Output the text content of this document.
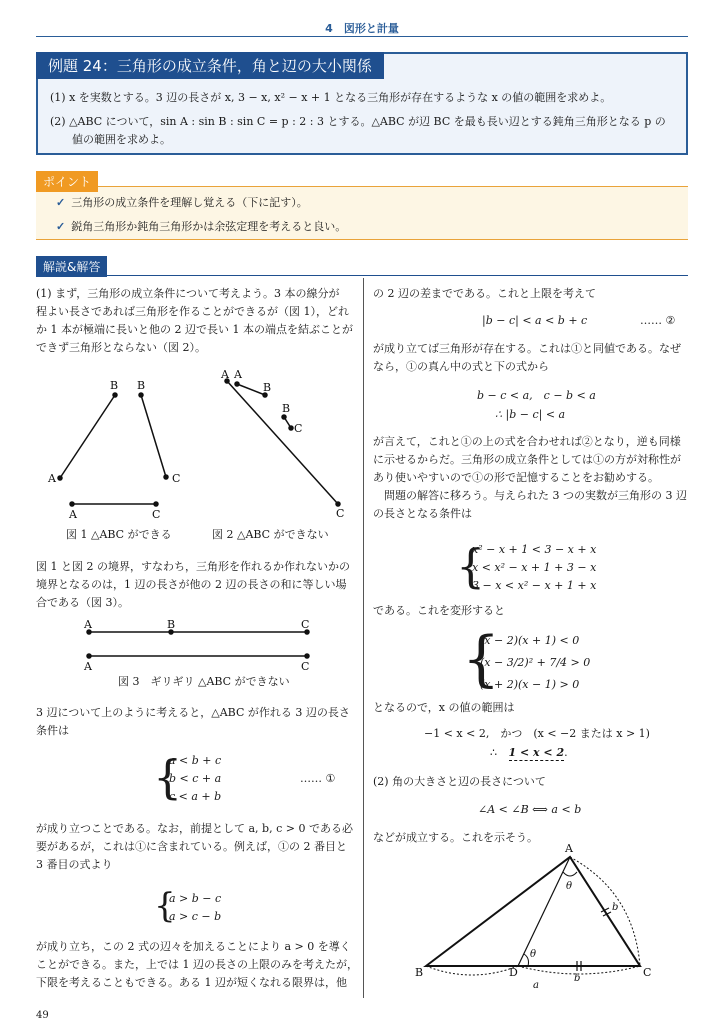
4　図形と計量
例題 24：三角形の成立条件，角と辺の大小関係
(1) x を実数とする。3 辺の長さが x, 3 − x, x² − x + 1 となる三角形が存在するような x の値の範囲を求めよ。
(2) △ABC について，sin A : sin B : sin C = p : 2 : 3 とする。△ABC が辺 BC を最も長い辺とする鈍角三角形となる p の
値の範囲を求めよ。
ポイント
✓ 三角形の成立条件を理解し覚える（下に記す）。
✓ 鋭角三角形か鈍角三角形かは余弦定理を考えると良い。
解説&解答
(1) まず，三角形の成立条件について考えよう。3 本の線分が
程よい長さであれば三角形を作ることができるが（図 1），どれ
か 1 本が極端に長いと他の 2 辺で長い 1 本の端点を結ぶことが
できず三角形とならない（図 2）。
B B
A	C
A	C
A A
B
B
C
C
図 1 △ABC ができる	図 2 △ABC ができない
図 1 と図 2 の境界，すなわち，三角形を作れるか作れないかの
境界となるのは，1 辺の長さが他の 2 辺の長さの和に等しい場
合である（図 3）。
A	B	C
A	C
図 3　ギリギリ △ABC ができない
3 辺について上のように考えると，△ABC が作れる 3 辺の長さ
条件は
{
a < b + c
b < c + a
c < a + b
…… ①
が成り立つことである。なお，前提として a, b, c > 0 である必
要があるが，これは①に含まれている。例えば，①の 2 番目と
3 番目の式より
{
a > b − c
a > c − b
が成り立ち，この 2 式の辺々を加えることにより a > 0 を導く
ことができる。また，上では 1 辺の長さの上限のみを考えたが，
下限を考えることもできる。ある 1 辺が短くなれる限界は，他
の 2 辺の差までである。これと上限を考えて
|b − c| < a < b + c	…… ②
が成り立てば三角形が存在する。これは①と同値である。なぜ
なら，①の真ん中の式と下の式から
b − c < a,　c − b < a
∴ |b − c| < a
が言えて，これと①の上の式を合わせれば②となり，逆も同様
に示せるからだ。三角形の成立条件としては①の方が対称性が
あり使いやすいので①の形で記憶することをお勧めする。
　問題の解答に移ろう。与えられた 3 つの実数が三角形の 3 辺
の長さとなる条件は
{
x² − x + 1 < 3 − x + x
x < x² − x + 1 + 3 − x
3 − x < x² − x + 1 + x
である。これを変形すると
{
(x − 2)(x + 1) < 0
(x − 3/2)² + 7/4 > 0
(x + 2)(x − 1) > 0
となるので，x の値の範囲は
−1 < x < 2,　かつ　(x < −2 または x > 1)
∴ 1 < x < 2.
(2) 角の大きさと辺の長さについて
∠A < ∠B ⟺ a < b
などが成立する。これを示そう。
A
B	C
D
θ
θ
b
b
a
49
